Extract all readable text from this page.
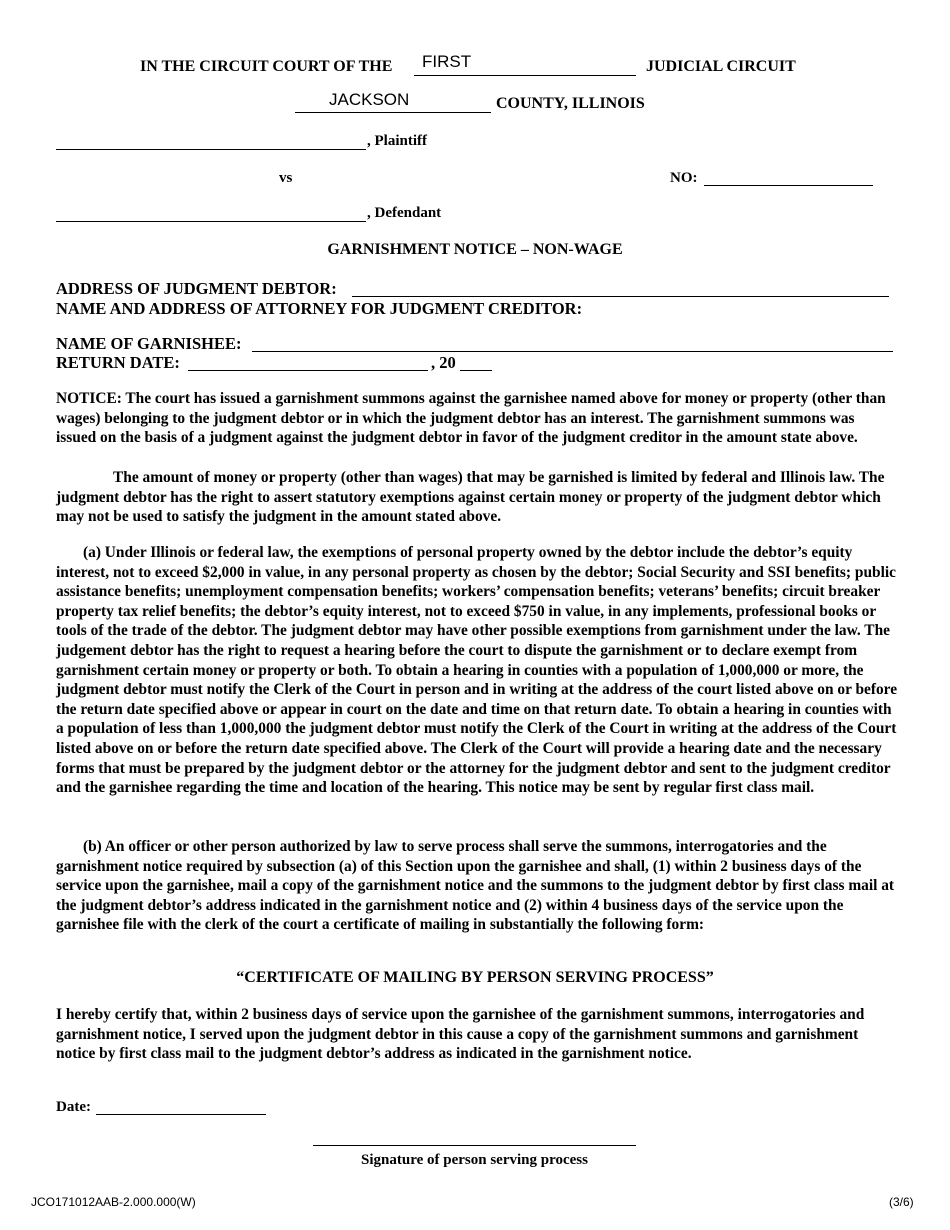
IN THE CIRCUIT COURT OF THE FIRST	JUDICIAL CIRCUIT
JACKSON	COUNTY, ILLINOIS
, Plaintiff
vs	NO:
, Defendant
GARNISHMENT NOTICE – NON-WAGE
ADDRESS OF JUDGMENT DEBTOR:
NAME AND ADDRESS OF ATTORNEY FOR JUDGMENT CREDITOR:
NAME OF GARNISHEE:
RETURN DATE:	, 20

NOTICE: The court has issued a garnishment summons against the garnishee named above for money or property (other than wages) belonging to the judgment debtor or in which the judgment debtor has an interest. The garnishment summons was issued on the basis of a judgment against the judgment debtor in favor of the judgment creditor in the amount state above.

The amount of money or property (other than wages) that may be garnished is limited by federal and Illinois law. The judgment debtor has the right to assert statutory exemptions against certain money or property of the judgment debtor which may not be used to satisfy the judgment in the amount stated above.

(a) Under Illinois or federal law, the exemptions of personal property owned by the debtor include the debtor’s equity interest, not to exceed $2,000 in value, in any personal property as chosen by the debtor; Social Security and SSI benefits; public assistance benefits; unemployment compensation benefits; workers’ compensation benefits; veterans’ benefits; circuit breaker property tax relief benefits; the debtor’s equity interest, not to exceed $750 in value, in any implements, professional books or tools of the trade of the debtor. The judgment debtor may have other possible exemptions from garnishment under the law. The judgement debtor has the right to request a hearing before the court to dispute the garnishment or to declare exempt from garnishment certain money or property or both. To obtain a hearing in counties with a population of 1,000,000 or more, the judgment debtor must notify the Clerk of the Court in person and in writing at the address of the court listed above on or before the return date specified above or appear in court on the date and time on that return date. To obtain a hearing in counties with a population of less than 1,000,000 the judgment debtor must notify the Clerk of the Court in writing at the address of the Court listed above on or before the return date specified above. The Clerk of the Court will provide a hearing date and the necessary forms that must be prepared by the judgment debtor or the attorney for the judgment debtor and sent to the judgment creditor and the garnishee regarding the time and location of the hearing. This notice may be sent by regular first class mail.

(b) An officer or other person authorized by law to serve process shall serve the summons, interrogatories and the garnishment notice required by subsection (a) of this Section upon the garnishee and shall, (1) within 2 business days of the service upon the garnishee, mail a copy of the garnishment notice and the summons to the judgment debtor by first class mail at the judgment debtor’s address indicated in the garnishment notice and (2) within 4 business days of the service upon the garnishee file with the clerk of the court a certificate of mailing in substantially the following form:

“CERTIFICATE OF MAILING BY PERSON SERVING PROCESS”

I hereby certify that, within 2 business days of service upon the garnishee of the garnishment summons, interrogatories and garnishment notice, I served upon the judgment debtor in this cause a copy of the garnishment summons and garnishment notice by first class mail to the judgment debtor’s address as indicated in the garnishment notice.

Date:
Signature of person serving process
JCO171012AAB-2.000.000(W)	(3/6)
